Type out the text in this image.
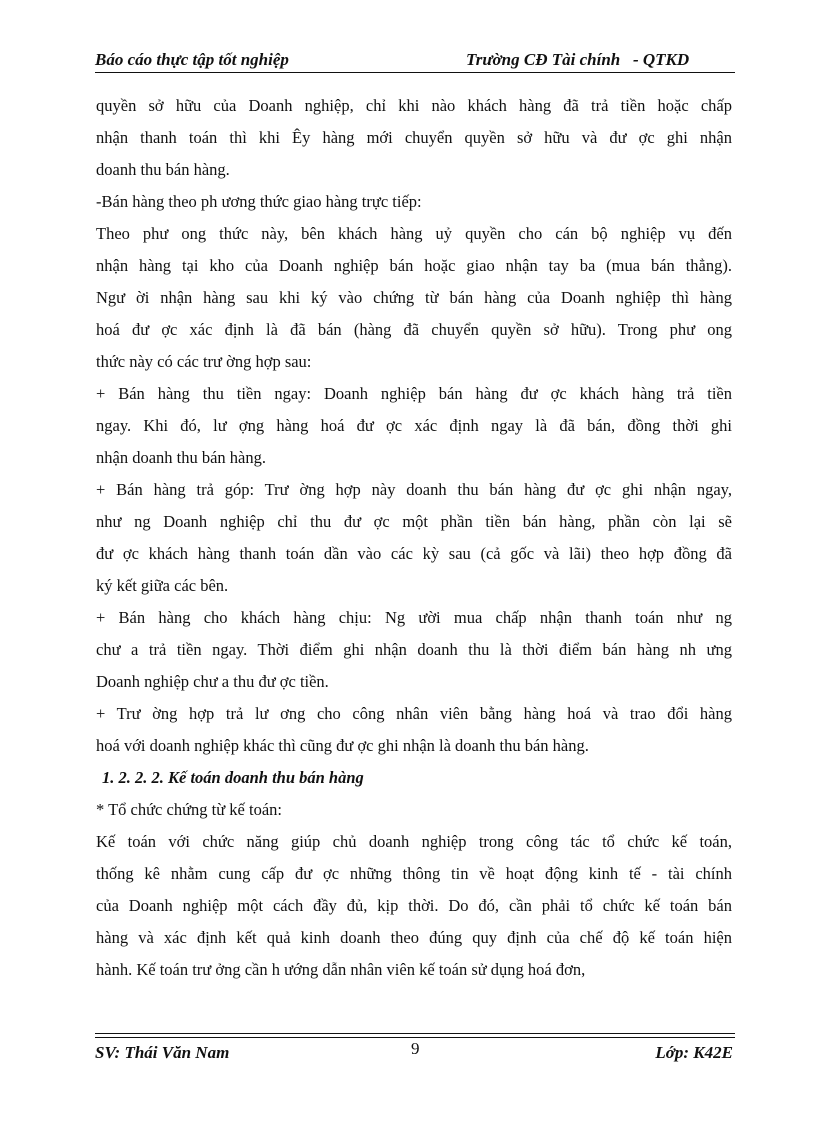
Báo cáo thực tập tốt nghiệp	Trường CĐ Tài chính   - QTKD
quyền sở hữu của Doanh nghiệp, chỉ khi nào khách hàng đã trả tiền hoặc chấp
nhận thanh toán thì khi Êy hàng mới chuyển quyền sở hữu và đư ợc ghi nhận
doanh thu bán hàng.
-Bán hàng theo ph ương thức giao hàng trực tiếp:
Theo phư ong thức này, bên khách hàng uỷ quyền cho cán bộ nghiệp vụ đến
nhận hàng tại kho của Doanh nghiệp bán hoặc giao nhận tay ba (mua bán thẳng).
Ngư ời nhận hàng sau khi ký vào chứng từ bán hàng của Doanh nghiệp thì hàng
hoá đư ợc xác định là đã bán (hàng đã chuyển quyền sở hữu). Trong phư ong
thức này có các trư ờng hợp sau:
+ Bán hàng thu tiền ngay: Doanh nghiệp bán hàng đư ợc khách hàng trả tiền
ngay. Khi đó, lư ợng hàng hoá đư ợc xác định ngay là đã bán, đồng thời ghi
nhận doanh thu bán hàng.
+ Bán hàng trả góp: Trư ờng hợp này doanh thu bán hàng đư ợc ghi nhận ngay,
như ng Doanh nghiệp chỉ thu đư ợc một phần tiền bán hàng, phần còn lại sẽ
đư ợc khách hàng thanh toán dần vào các kỳ sau (cả gốc và lãi) theo hợp đồng đã
ký kết giữa các bên.
+ Bán hàng cho khách hàng chịu: Ng ười mua chấp nhận thanh toán như ng
chư a trả tiền ngay. Thời điểm ghi nhận doanh thu là thời điểm bán hàng nh ưng
Doanh nghiệp chư a thu đư ợc tiền.
+ Trư ờng hợp trả lư ơng cho công nhân viên bằng hàng hoá và trao đổi hàng
hoá với doanh nghiệp khác thì cũng đư ợc ghi nhận là doanh thu bán hàng.
1. 2. 2. 2. Kế toán doanh thu bán hàng
* Tổ chức chứng từ kế toán:
Kế toán với chức năng giúp chủ doanh nghiệp trong công tác tổ chức kế toán,
thống kê nhằm cung cấp đư ợc những thông tin về hoạt động kinh tế - tài chính
của Doanh nghiệp một cách đầy đủ, kịp thời. Do đó, cần phải tổ chức kế toán bán
hàng và xác định kết quả kinh doanh theo đúng quy định của chế độ kế toán hiện
hành. Kế toán trư ởng cần h ướng dẫn nhân viên kế toán sử dụng hoá đơn,
SV: Thái Văn Nam	9	Lớp: K42E
